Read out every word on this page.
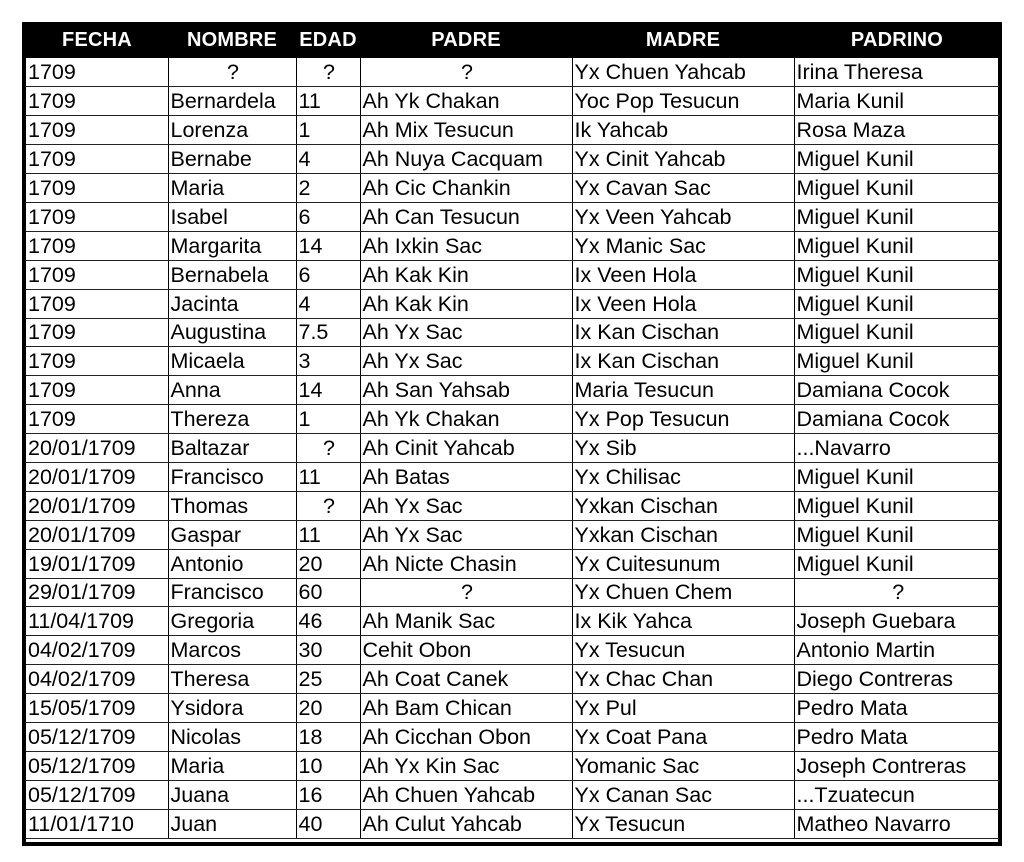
FECHA	NOMBRE	EDAD	PADRE	MADRE	PADRINO
1709	?	?	?	Yx Chuen Yahcab	Irina Theresa
1709	Bernardela	11	Ah Yk Chakan	Yoc Pop Tesucun	Maria Kunil
1709	Lorenza	1	Ah Mix Tesucun	Ik Yahcab	Rosa Maza
1709	Bernabe	4	Ah Nuya Cacquam	Yx Cinit Yahcab	Miguel Kunil
1709	Maria	2	Ah Cic Chankin	Yx Cavan Sac	Miguel Kunil
1709	Isabel	6	Ah Can Tesucun	Yx Veen Yahcab	Miguel Kunil
1709	Margarita	14	Ah Ixkin Sac	Yx Manic Sac	Miguel Kunil
1709	Bernabela	6	Ah Kak Kin	Ix Veen Hola	Miguel Kunil
1709	Jacinta	4	Ah Kak Kin	Ix Veen Hola	Miguel Kunil
1709	Augustina	7.5	Ah Yx Sac	Ix Kan Cischan	Miguel Kunil
1709	Micaela	3	Ah Yx Sac	Ix Kan Cischan	Miguel Kunil
1709	Anna	14	Ah San Yahsab	Maria Tesucun	Damiana Cocok
1709	Thereza	1	Ah Yk Chakan	Yx Pop Tesucun	Damiana Cocok
20/01/1709	Baltazar	?	Ah Cinit Yahcab	Yx Sib	...Navarro
20/01/1709	Francisco	11	Ah Batas	Yx Chilisac	Miguel Kunil
20/01/1709	Thomas	?	Ah Yx Sac	Yxkan Cischan	Miguel Kunil
20/01/1709	Gaspar	11	Ah Yx Sac	Yxkan Cischan	Miguel Kunil
19/01/1709	Antonio	20	Ah Nicte Chasin	Yx Cuitesunum	Miguel Kunil
29/01/1709	Francisco	60	?	Yx Chuen Chem	?
11/04/1709	Gregoria	46	Ah Manik Sac	Ix Kik Yahca	Joseph Guebara
04/02/1709	Marcos	30	Cehit Obon	Yx Tesucun	Antonio Martin
04/02/1709	Theresa	25	Ah Coat Canek	Yx Chac Chan	Diego Contreras
15/05/1709	Ysidora	20	Ah Bam Chican	Yx Pul	Pedro Mata
05/12/1709	Nicolas	18	Ah Cicchan Obon	Yx Coat Pana	Pedro Mata
05/12/1709	Maria	10	Ah Yx Kin Sac	Yomanic Sac	Joseph Contreras
05/12/1709	Juana	16	Ah Chuen Yahcab	Yx Canan Sac	...Tzuatecun
11/01/1710	Juan	40	Ah Culut Yahcab	Yx Tesucun	Matheo Navarro
